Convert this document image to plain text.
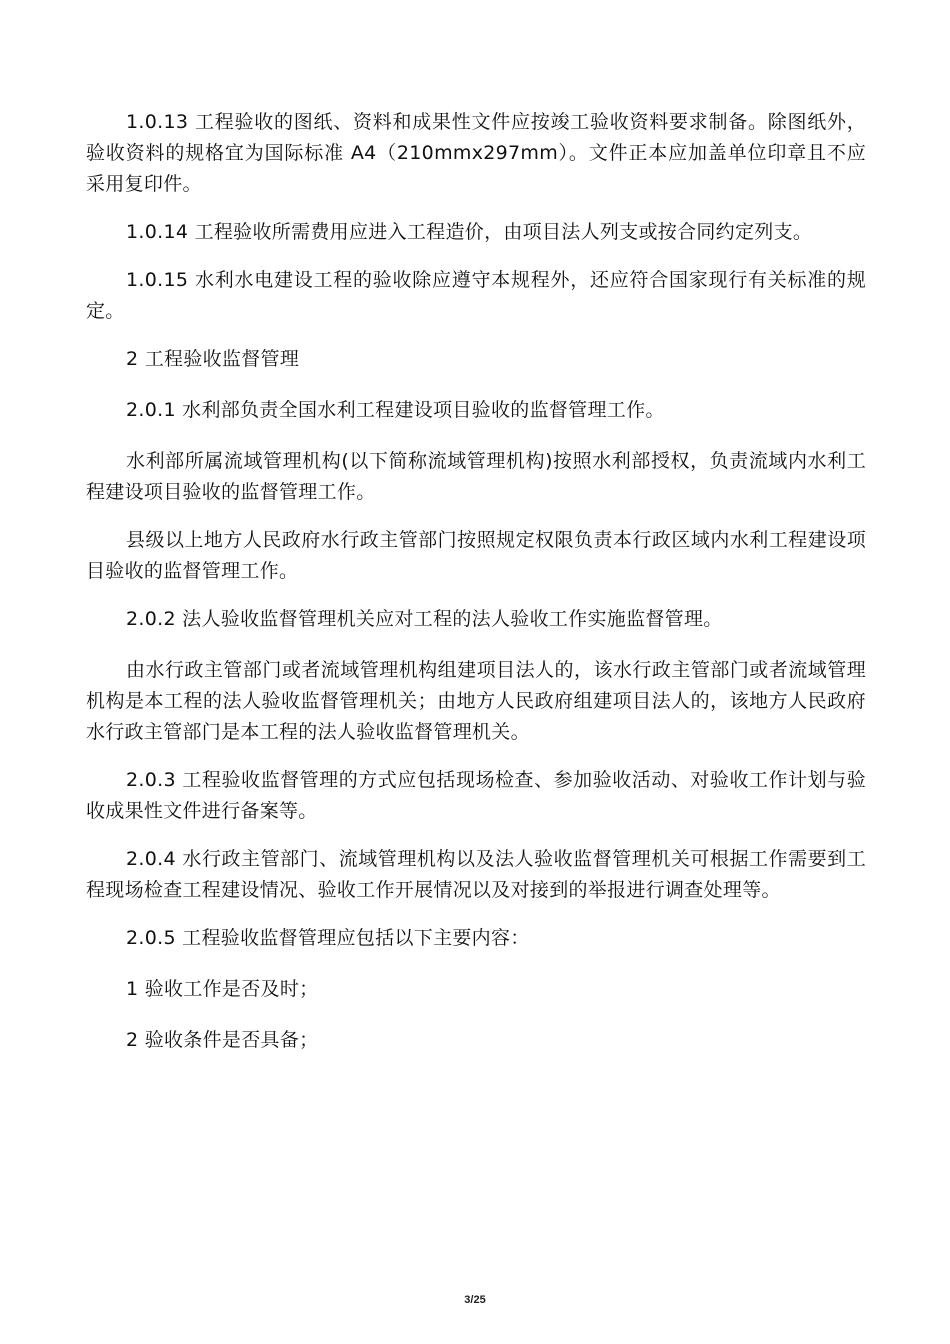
1.0.13 工程验收的图纸、资料和成果性文件应按竣工验收资料要求制备。除图纸外，验收资料的规格宜为国际标准 A4（210mmx297mm）。文件正本应加盖单位印章且不应采用复印件。

1.0.14 工程验收所需费用应进入工程造价，由项目法人列支或按合同约定列支。

1.0.15 水利水电建设工程的验收除应遵守本规程外，还应符合国家现行有关标准的规定。

2 工程验收监督管理

2.0.1 水利部负责全国水利工程建设项目验收的监督管理工作。

水利部所属流域管理机构(以下简称流域管理机构)按照水利部授权，负责流域内水利工程建设项目验收的监督管理工作。

县级以上地方人民政府水行政主管部门按照规定权限负责本行政区域内水利工程建设项目验收的监督管理工作。

2.0.2 法人验收监督管理机关应对工程的法人验收工作实施监督管理。

由水行政主管部门或者流域管理机构组建项目法人的，该水行政主管部门或者流域管理机构是本工程的法人验收监督管理机关；由地方人民政府组建项目法人的，该地方人民政府水行政主管部门是本工程的法人验收监督管理机关。

2.0.3 工程验收监督管理的方式应包括现场检查、参加验收活动、对验收工作计划与验收成果性文件进行备案等。

2.0.4 水行政主管部门、流域管理机构以及法人验收监督管理机关可根据工作需要到工程现场检查工程建设情况、验收工作开展情况以及对接到的举报进行调查处理等。

2.0.5 工程验收监督管理应包括以下主要内容：

1 验收工作是否及时；

2 验收条件是否具备；

3/25
